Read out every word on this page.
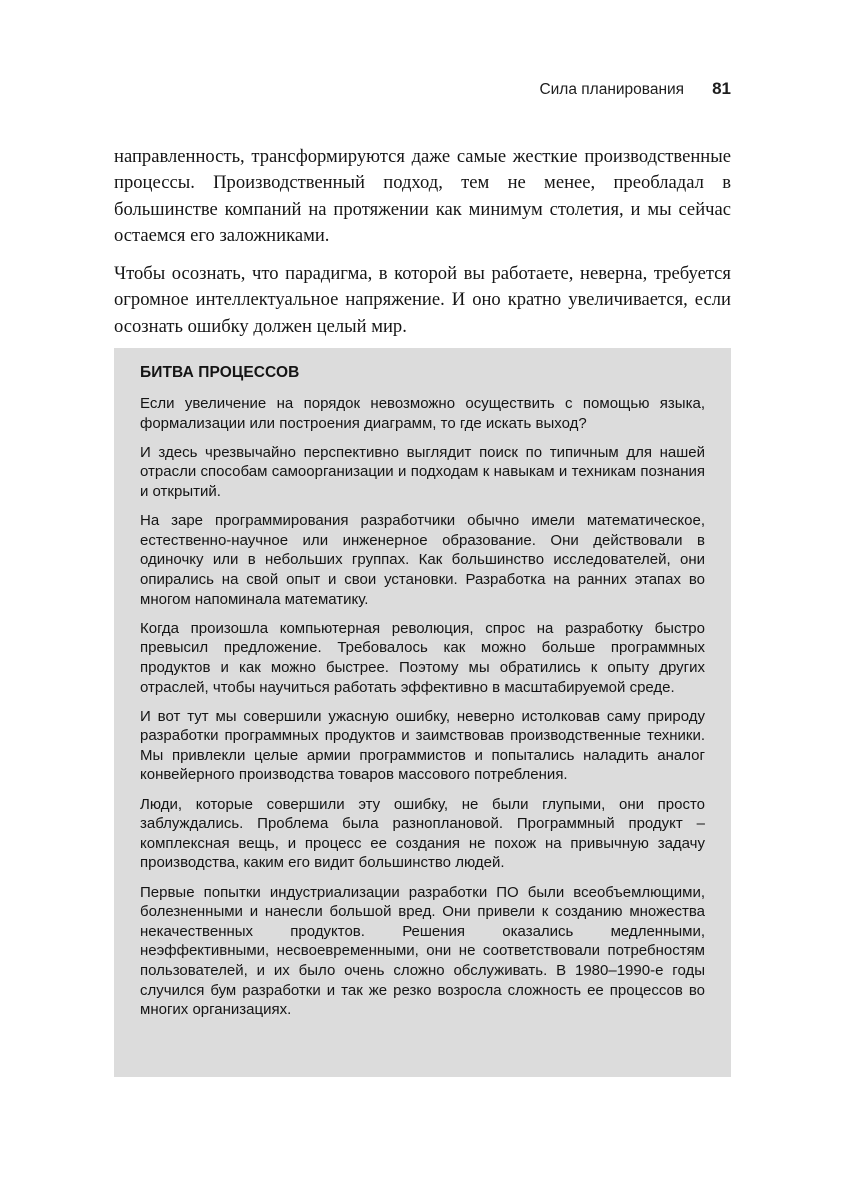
Сила планирования 81

направленность, трансформируются даже самые жесткие производственные процессы. Производственный подход, тем не менее, преобладал в большинстве компаний на протяжении как минимум столетия, и мы сейчас остаемся его заложниками.

Чтобы осознать, что парадигма, в которой вы работаете, неверна, требуется огромное интеллектуальное напряжение. И оно кратно увеличивается, если осознать ошибку должен целый мир.

БИТВА ПРОЦЕССОВ

Если увеличение на порядок невозможно осуществить с помощью языка, формализации или построения диаграмм, то где искать выход?

И здесь чрезвычайно перспективно выглядит поиск по типичным для нашей отрасли способам самоорганизации и подходам к навыкам и техникам познания и открытий.

На заре программирования разработчики обычно имели математическое, естественно-научное или инженерное образование. Они действовали в одиночку или в небольших группах. Как большинство исследователей, они опирались на свой опыт и свои установки. Разработка на ранних этапах во многом напоминала математику.

Когда произошла компьютерная революция, спрос на разработку быстро превысил предложение. Требовалось как можно больше программных продуктов и как можно быстрее. Поэтому мы обратились к опыту других отраслей, чтобы научиться работать эффективно в масштабируемой среде.

И вот тут мы совершили ужасную ошибку, неверно истолковав саму природу разработки программных продуктов и заимствовав производственные техники. Мы привлекли целые армии программистов и попытались наладить аналог конвейерного производства товаров массового потребления.

Люди, которые совершили эту ошибку, не были глупыми, они просто заблуждались. Проблема была разноплановой. Программный продукт – комплексная вещь, и процесс ее создания не похож на привычную задачу производства, каким его видит большинство людей.

Первые попытки индустриализации разработки ПО были всеобъемлющими, болезненными и нанесли большой вред. Они привели к созданию множества некачественных продуктов. Решения оказались медленными, неэффективными, несвоевременными, они не соответствовали потребностям пользователей, и их было очень сложно обслуживать. В 1980–1990-е годы случился бум разработки и так же резко возросла сложность ее процессов во многих организациях.
